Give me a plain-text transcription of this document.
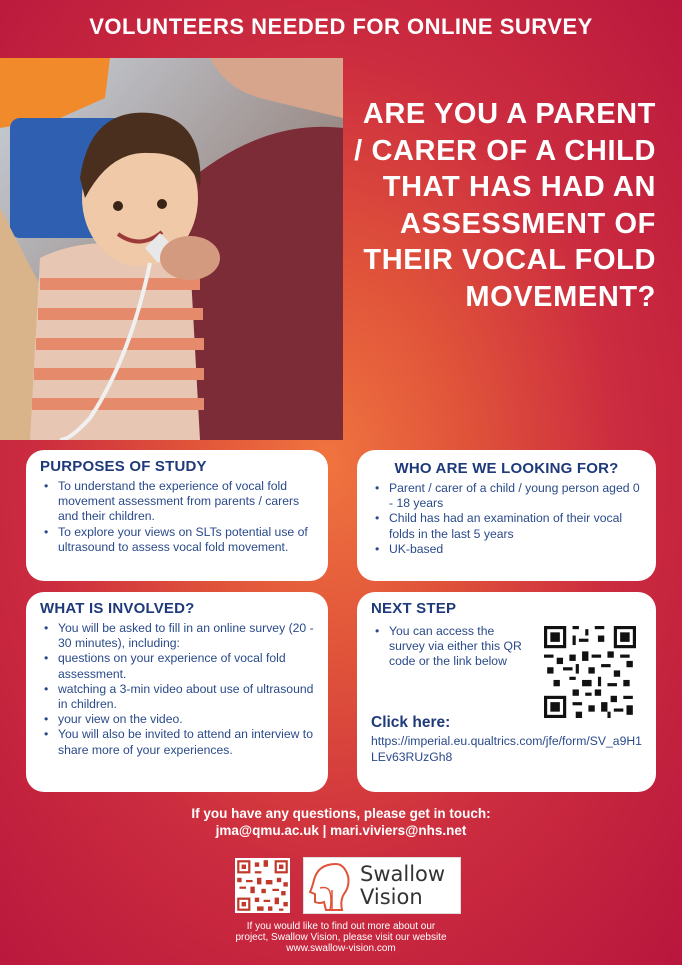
VOLUNTEERS NEEDED FOR ONLINE SURVEY
ARE YOU A PARENT / CARER OF A CHILD THAT HAS HAD AN ASSESSMENT OF THEIR VOCAL FOLD MOVEMENT?
PURPOSES OF STUDY
• To understand the experience of vocal fold movement assessment from parents / carers and their children.
• To explore your views on SLTs potential use of ultrasound to assess vocal fold movement.
WHO ARE WE LOOKING FOR?
• Parent / carer of a child / young person aged 0 - 18 years
• Child has had an examination of their vocal folds in the last 5 years
• UK-based
WHAT IS INVOLVED?
• You will be asked to fill in an online survey (20 - 30 minutes), including:
• questions on your experience of vocal fold assessment.
• watching a 3-min video about use of ultrasound in children.
• your view on the video.
• You will also be invited to attend an interview to share more of your experiences.
NEXT STEP
• You can access the survey via either this QR code or the link below
Click here:
https://imperial.eu.qualtrics.com/jfe/form/SV_a9H1LEv63RUzGh8
If you have any questions, please get in touch:
jma@qmu.ac.uk | mari.viviers@nhs.net
Swallow
Vision
If you would like to find out more about our
project, Swallow Vision, please visit our website
www.swallow-vision.com
